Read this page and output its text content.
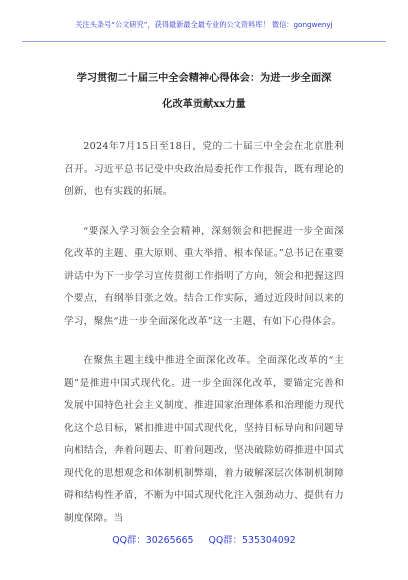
关注头条号“公文研究”，获得最新最全最专业的公文资料库！ 微信：gongwenyj
学习贯彻二十届三中全会精神心得体会：为进一步全面深
化改革贡献xx力量

2024年7月15日至18日，党的二十届三中全会在北京胜利召开。习近平总书记受中央政治局委托作工作报告，既有理论的创新，也有实践的拓展。

“要深入学习领会全会精神，深刻领会和把握进一步全面深化改革的主题、重大原则、重大举措、根本保证。”总书记在重要讲话中为下一步学习宣传贯彻工作指明了方向，领会和把握这四个要点，有纲举目张之效。结合工作实际，通过近段时间以来的学习，聚焦“进一步全面深化改革”这一主题，有如下心得体会。

在聚焦主题主线中推进全面深化改革。全面深化改革的“主题”是推进中国式现代化。进一步全面深化改革，要锚定完善和发展中国特色社会主义制度、推进国家治理体系和治理能力现代化这个总目标，紧扣推进中国式现代化，坚持目标导向和问题导向相结合，奔着问题去、盯着问题改，坚决破除妨碍推进中国式现代化的思想观念和体制机制弊端，着力破解深层次体制机制障碍和结构性矛盾，不断为中国式现代化注入强劲动力、提供有力制度保障。当

QQ群：30265665 QQ群：535304092
